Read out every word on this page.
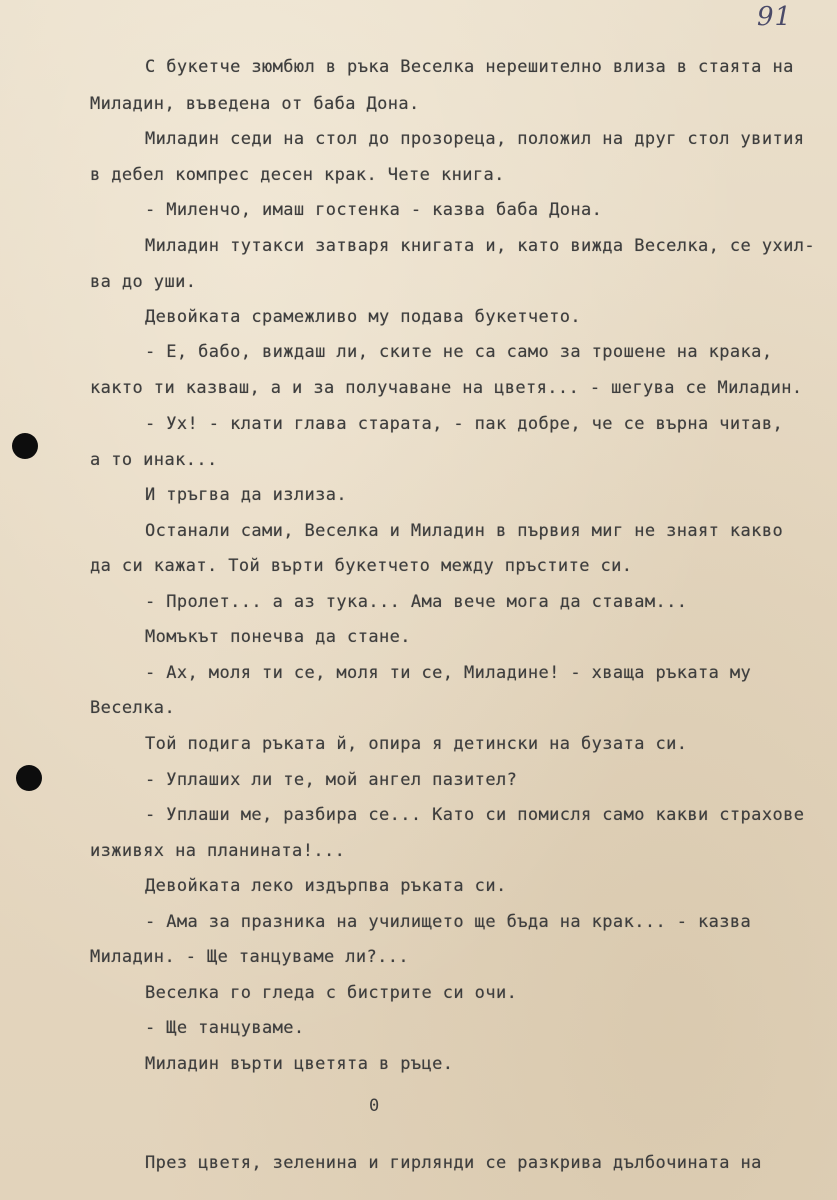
91
С букетче зюмбюл в ръка Веселка нерешително влиза в стаята на
Миладин, въведена от баба Дона.
Миладин седи на стол до прозореца, положил на друг стол увития
в дебел компрес десен крак. Чете книга.
- Миленчо, имаш гостенка - казва баба Дона.
Миладин тутакси затваря книгата и, като вижда Веселка, се ухил-
ва до уши.
Девойката срамежливо му подава букетчето.
- Е, бабо, виждаш ли, ските не са само за трошене на крака,
както ти казваш, а и за получаване на цветя... - шегува се Миладин.
- Ух! - клати глава старата, - пак добре, че се върна читав,
а то инак...
И тръгва да излиза.
Останали сами, Веселка и Миладин в първия миг не знаят какво
да си кажат. Той върти букетчето между пръстите си.
- Пролет... а аз тука... Ама вече мога да ставам...
Момъкът понечва да стане.
- Ах, моля ти се, моля ти се, Миладине! - хваща ръката му
Веселка.
Той подига ръката й, опира я детински на бузата си.
- Уплаших ли те, мой ангел пазител?
- Уплаши ме, разбира се... Като си помисля само какви страхове
изживях на планината!...
Девойката леко издърпва ръката си.
- Ама за празника на училището ще бъда на крак... - казва
Миладин. - Ще танцуваме ли?...
Веселка го гледа с бистрите си очи.
- Ще танцуваме.
Миладин върти цветята в ръце.
0
През цветя, зеленина и гирлянди се разкрива дълбочината на
